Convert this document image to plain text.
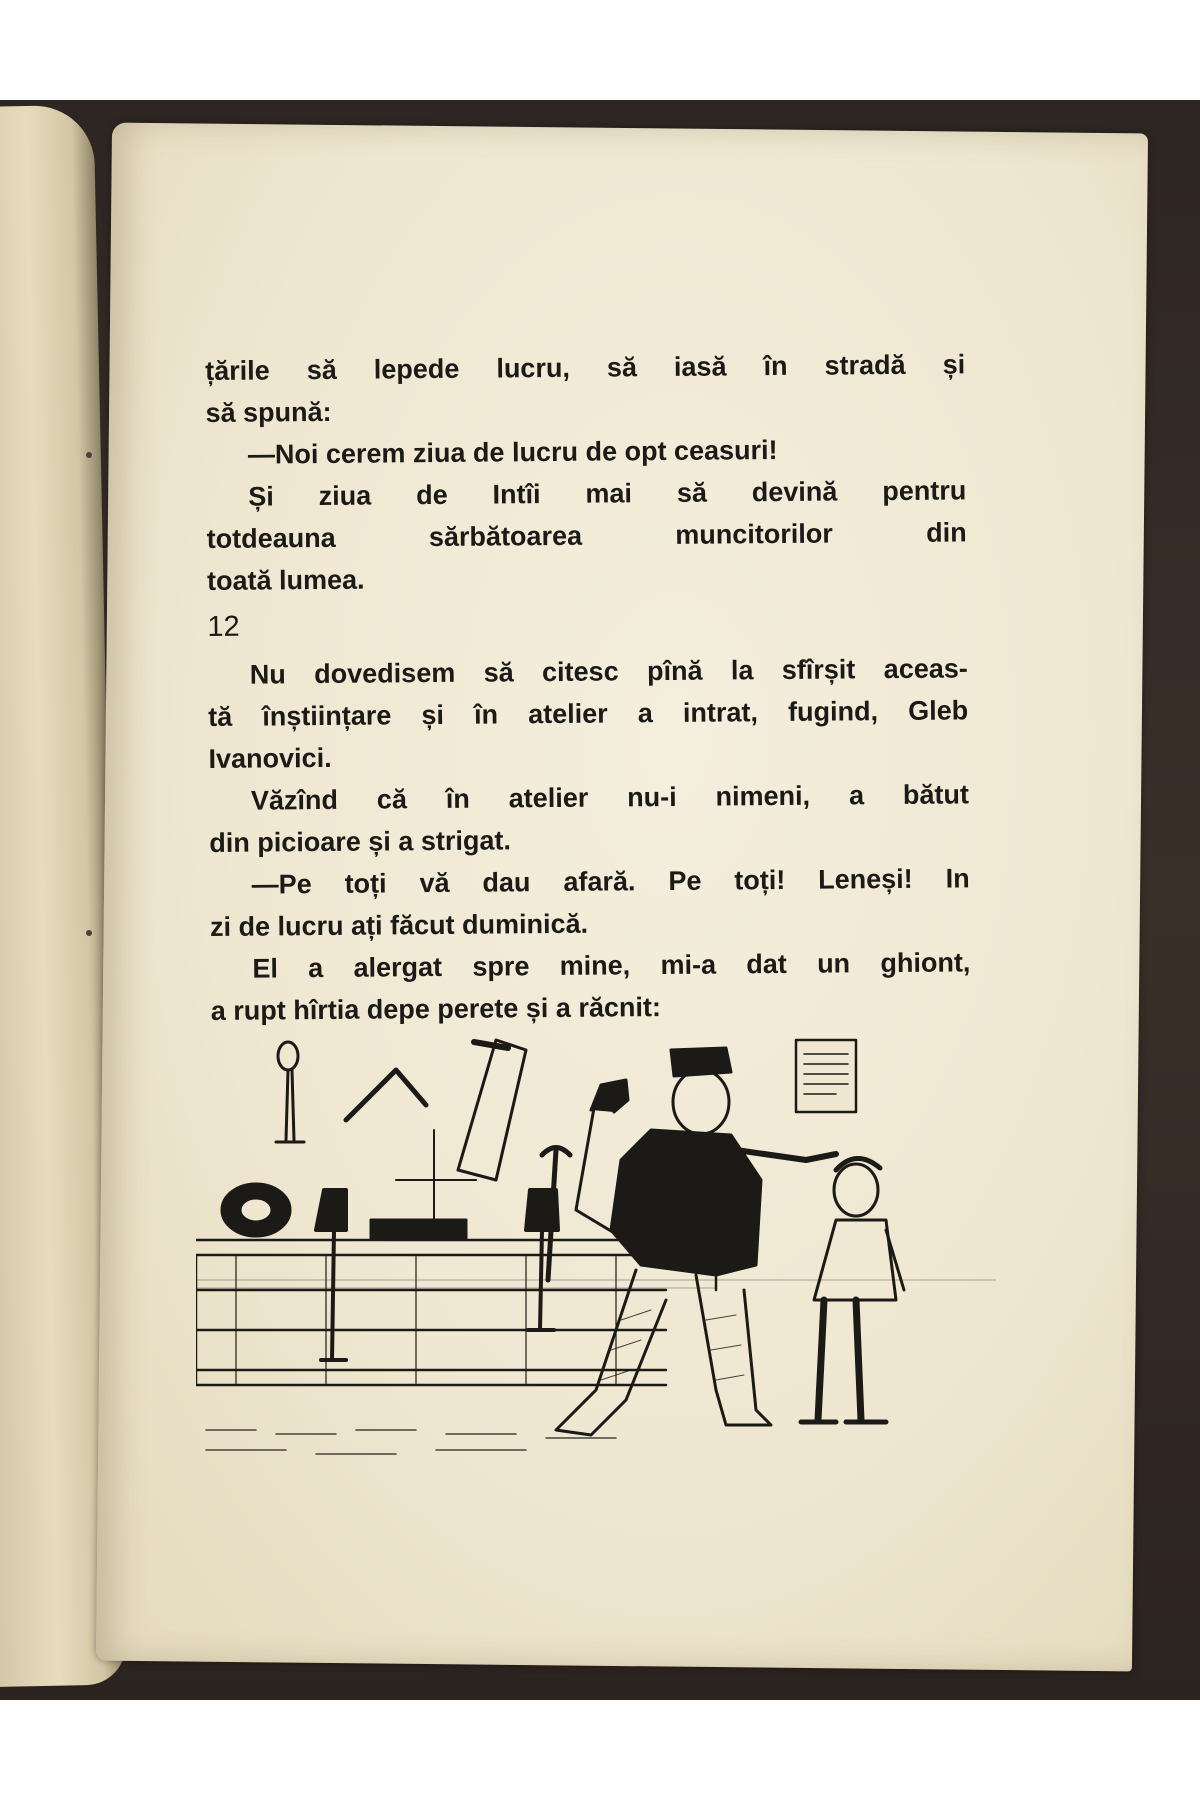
țările să lepede lucru, să iasă în stradă și

să spună:

—Noi cerem ziua de lucru de opt ceasuri!

Și ziua de Intîi mai să devină pentru

totdeauna sărbătoarea muncitorilor din

toată lumea.

12

Nu dovedisem să citesc pînă la sfîrșit aceas-

tă înștiințare și în atelier a intrat, fugind, Gleb

Ivanovici.

Văzînd că în atelier nu-i nimeni, a bătut

din picioare și a strigat.

—Pe toți vă dau afară. Pe toți! Leneși! In

zi de lucru ați făcut duminică.

El a alergat spre mine, mi-a dat un ghiont,

a rupt hîrtia depe perete și a răcnit:
